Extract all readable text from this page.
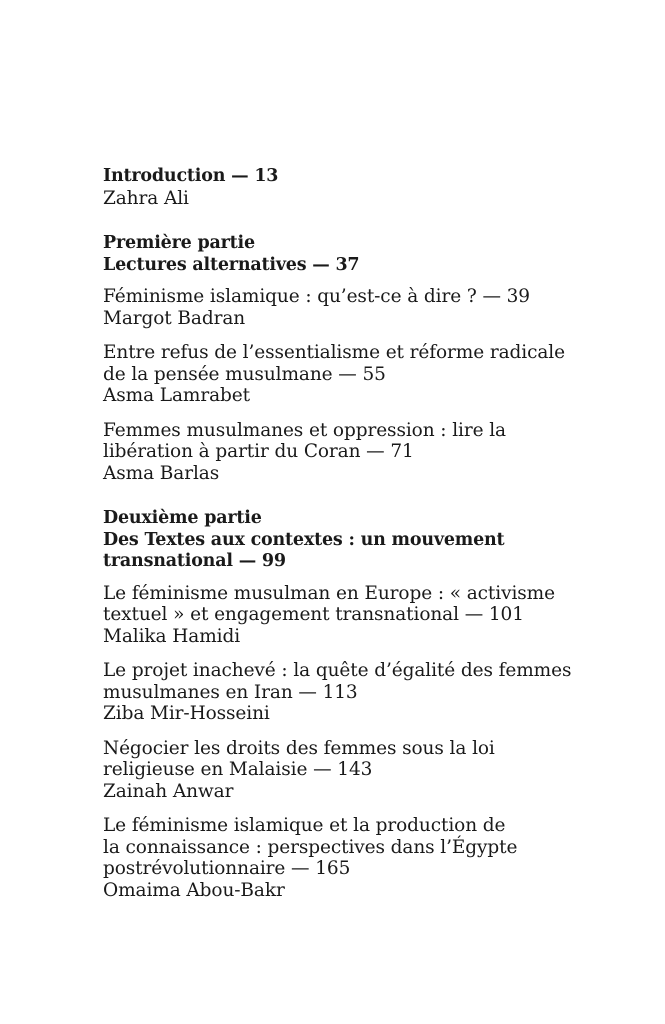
Introduction — 13
Zahra Ali
Première partie
Lectures alternatives — 37
Féminisme islamique : qu’est-ce à dire ? — 39
Margot Badran
Entre refus de l’essentialisme et réforme radicale
de la pensée musulmane — 55
Asma Lamrabet
Femmes musulmanes et oppression : lire la
libération à partir du Coran — 71
Asma Barlas
Deuxième partie
Des Textes aux contextes : un mouvement
transnational — 99
Le féminisme musulman en Europe : « activisme
textuel » et engagement transnational — 101
Malika Hamidi
Le projet inachevé : la quête d’égalité des femmes
musulmanes en Iran — 113
Ziba Mir-Hosseini
Négocier les droits des femmes sous la loi
religieuse en Malaisie — 143
Zainah Anwar
Le féminisme islamique et la production de
la connaissance : perspectives dans l’Égypte
postrévolutionnaire — 165
Omaima Abou-Bakr
